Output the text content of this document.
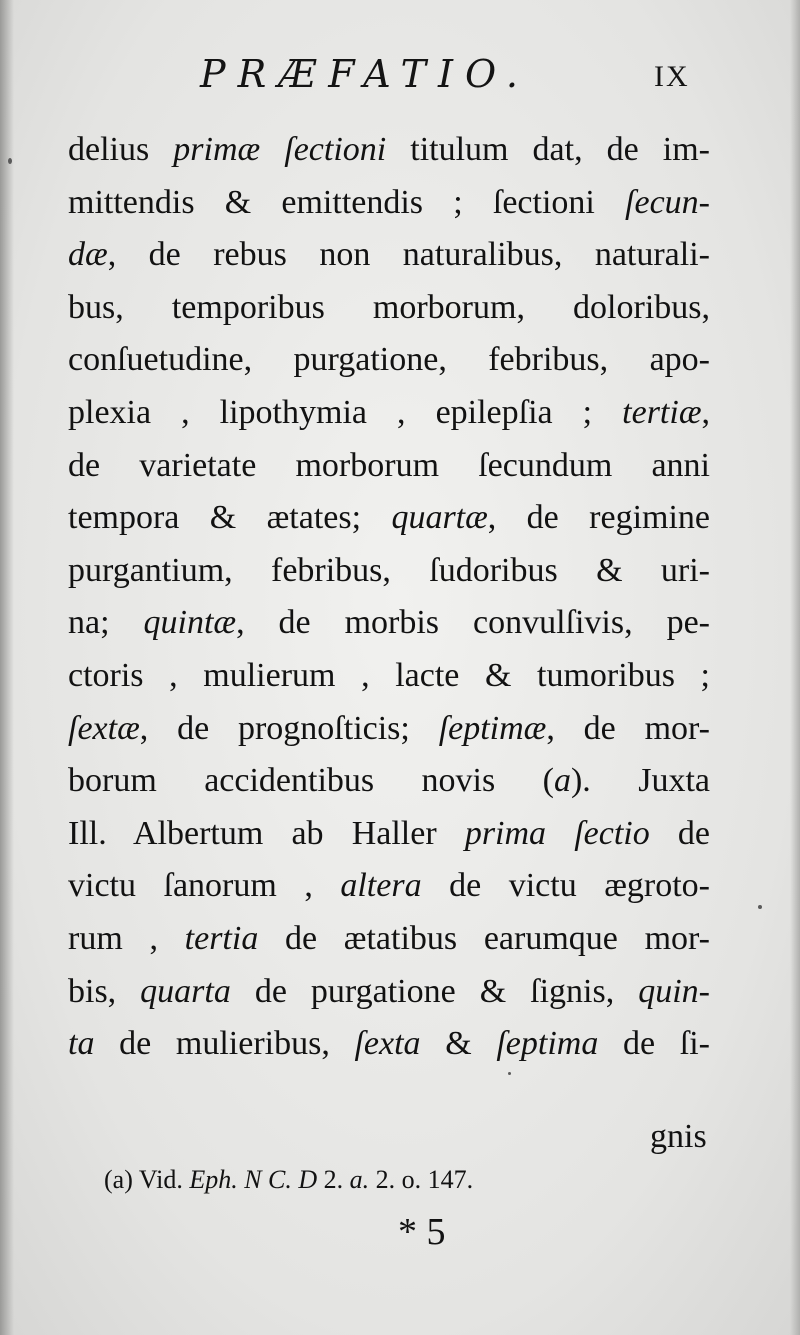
PRÆFATIO.	IX
delius primæ ſectioni titulum dat, de im-
mittendis & emittendis ; ſectioni ſecun-
dæ, de rebus non naturalibus, naturali-
bus, temporibus morborum, doloribus,
conſuetudine, purgatione, febribus, apo-
plexia , lipothymia , epilepſia ; tertiæ,
de varietate morborum ſecundum anni
tempora & ætates; quartæ, de regimine
purgantium, febribus, ſudoribus & uri-
na; quintæ, de morbis convulſivis, pe-
ctoris , mulierum , lacte & tumoribus ;
ſextæ, de prognoſticis; ſeptimæ, de mor-
borum accidentibus novis (a). Juxta
Ill. Albertum ab Haller prima ſectio de
victu ſanorum , altera de victu ægroto-
rum , tertia de ætatibus earumque mor-
bis, quarta de purgatione & ſignis, quin-
ta de mulieribus, ſexta & ſeptima de ſi-
gnis
(a) Vid. Eph. N C. D 2. a. 2. o. 147.
* 5
